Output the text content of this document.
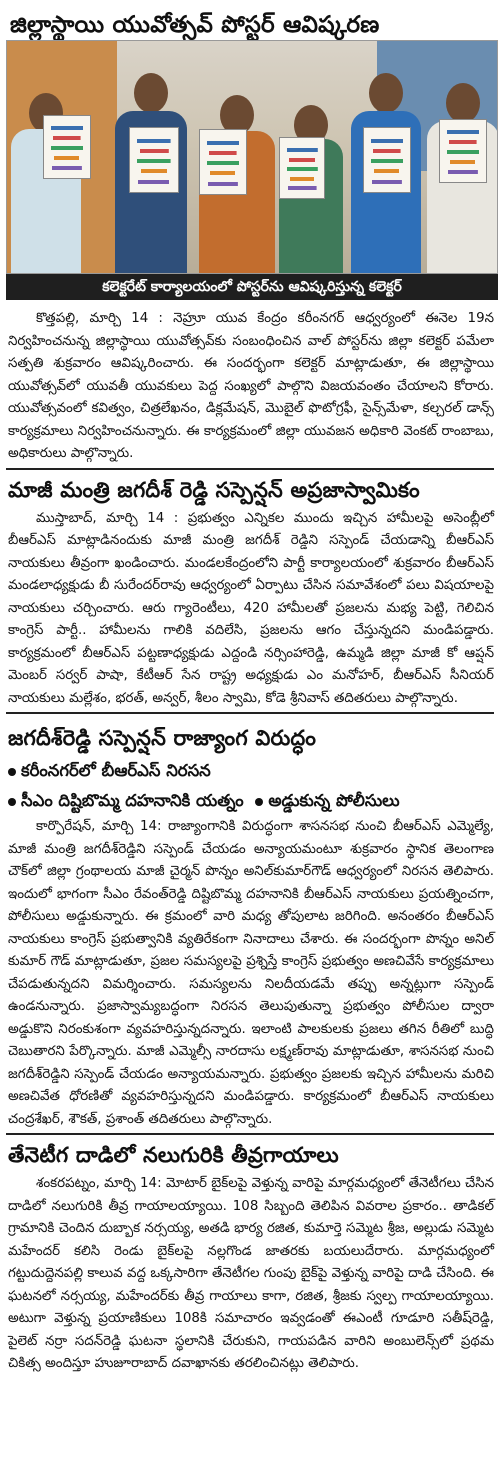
జిల్లాస్థాయి యువోత్సవ్ పోస్టర్ ఆవిష్కరణ
కలెక్టరేట్ కార్యాలయంలో పోస్టర్‌ను ఆవిష్కరిస్తున్న కలెక్టర్

కొత్తపల్లి, మార్చి 14 : నెహ్రూ యువ కేంద్రం కరీంనగర్ ఆధ్వర్యంలో ఈనెల 19న నిర్వహించనున్న జిల్లాస్థాయి యువోత్సవ్‌కు సంబంధించిన వాల్ పోస్టర్‌ను జిల్లా కలెక్టర్ పమేలా సత్పతి శుక్రవారం ఆవిష్కరించారు. ఈ సందర్భంగా కలెక్టర్ మాట్లాడుతూ, ఈ జిల్లాస్థాయి యువోత్సవ్‌లో యువతీ యువకులు పెద్ద సంఖ్యలో పాల్గొని విజయవంతం చేయాలని కోరారు. యువోత్సవంలో కవిత్వం, చిత్రలేఖనం, డిక్లమేషన్, మొబైల్ ఫొటోగ్రఫీ, సైన్స్‌మేళా, కల్చరల్ డాన్స్ కార్యక్రమాలు నిర్వహించనున్నారు. ఈ కార్యక్రమంలో జిల్లా యువజన అధికారి వెంకట్ రాంబాబు, అధికారులు పాల్గొన్నారు.

మాజీ మంత్రి జగదీశ్ రెడ్డి సస్పెన్షన్ అప్రజాస్వామికం

ముస్తాబాద్, మార్చి 14 : ప్రభుత్వం ఎన్నికల ముందు ఇచ్చిన హామీలపై అసెంబ్లీలో బీఆర్‌ఎస్ మాట్లాడినందుకు మాజీ మంత్రి జగదీశ్ రెడ్డిని సస్పెండ్ చేయడాన్ని బీఆర్‌ఎస్ నాయకులు తీవ్రంగా ఖండించారు. మండలకేంద్రంలోని పార్టీ కార్యాలయంలో శుక్రవారం బీఆర్‌ఎస్ మండలాధ్యక్షుడు బీ సురేందర్‌రావు ఆధ్వర్యంలో ఏర్పాటు చేసిన సమావేశంలో పలు విషయాలపై నాయకులు చర్చించారు. ఆరు గ్యారెంటీలు, 420 హామీలతో ప్రజలను మభ్య పెట్టి, గెలిచిన కాంగ్రెస్ పార్టీ.. హామీలను గాలికి వదిలేసి, ప్రజలను ఆగం చేస్తున్నదని మండిపడ్డారు. కార్యక్రమంలో బీఆర్‌ఎస్ పట్టణాధ్యక్షుడు ఎద్దండి నర్సింహారెడ్డి, ఉమ్మడి జిల్లా మాజీ కో ఆప్షన్ మెంబర్ సర్వర్ పాషా, కేటీఆర్ సేన రాష్ట్ర అధ్యక్షుడు ఎం మనోహర్, బీఆర్‌ఎస్ సీనియర్ నాయకులు మల్లేశం, భరత్, అన్వర్, శీలం స్వామి, కోడె శ్రీనివాస్ తదితరులు పాల్గొన్నారు.

జగదీశ్‌రెడ్డి సస్పెన్షన్ రాజ్యాంగ విరుద్ధం
కరీంనగర్‌లో బీఆర్‌ఎస్ నిరసన
సీఎం దిష్టిబొమ్మ దహనానికి యత్నం అడ్డుకున్న పోలీసులు

కార్పొరేషన్, మార్చి 14: రాజ్యాంగానికి విరుద్ధంగా శాసనసభ నుంచి బీఆర్‌ఎస్ ఎమ్మెల్యే, మాజీ మంత్రి జగదీశ్‌రెడ్డిని సస్పెండ్ చేయడం అన్యాయమంటూ శుక్రవారం స్థానిక తెలంగాణ చౌక్‌లో జిల్లా గ్రంథాలయ మాజీ చైర్మన్ పొన్నం అనిల్‌కుమార్‌గౌడ్ ఆధ్వర్యంలో నిరసన తెలిపారు. ఇందులో భాగంగా సీఎం రేవంత్‌రెడ్డి దిష్టిబొమ్మ దహనానికి బీఆర్‌ఎస్ నాయకులు ప్రయత్నించగా, పోలీసులు అడ్డుకున్నారు. ఈ క్రమంలో వారి మధ్య తోపులాట జరిగింది. అనంతరం బీఆర్‌ఎస్ నాయకులు కాంగ్రెస్ ప్రభుత్వానికి వ్యతిరేకంగా నినాదాలు చేశారు. ఈ సందర్భంగా పొన్నం అనిల్ కుమార్ గౌడ్ మాట్లాడుతూ, ప్రజల సమస్యలపై ప్రశ్నిస్తే కాంగ్రెస్ ప్రభుత్వం అణచివేసే కార్యక్రమాలు చేపడుతున్నదని విమర్శించారు. సమస్యలను నిలదీయడమే తప్పు అన్నట్లుగా సస్పెండ్ ఉండనున్నారు. ప్రజాస్వామ్యబద్ధంగా నిరసన తెలుపుతున్నా ప్రభుత్వం పోలీసుల ద్వారా అడ్డుకొని నిరంకుశంగా వ్యవహరిస్తున్నదన్నారు. ఇలాంటి పాలకులకు ప్రజలు తగిన రీతిలో బుద్ధి చెబుతారని పేర్కొన్నారు. మాజీ ఎమ్మెల్సీ నారదాసు లక్ష్మణ్‌రావు మాట్లాడుతూ, శాసనసభ నుంచి జగదీశ్‌రెడ్డిని సస్పెండ్ చేయడం అన్యాయమన్నారు. ప్రభుత్వం ప్రజలకు ఇచ్చిన హామీలను మరిచి అణచివేత ధోరణితో వ్యవహరిస్తున్నదని మండిపడ్డారు. కార్యక్రమంలో బీఆర్‌ఎస్ నాయకులు చంద్రశేఖర్, శౌకత్, ప్రశాంత్ తదితరులు పాల్గొన్నారు.

తేనెటీగ దాడిలో నలుగురికి తీవ్రగాయాలు

శంకరపట్నం, మార్చి 14: మోటార్ బైక్‌లపై వెళ్తున్న వారిపై మార్గమధ్యంలో తేనెటీగలు చేసిన దాడిలో నలుగురికి తీవ్ర గాయాలయ్యాయి. 108 సిబ్బంది తెలిపిన వివరాల ప్రకారం.. తాడికల్ గ్రామానికి చెందిన దుబ్బాక నర్సయ్య, అతడి భార్య రజిత, కుమార్తె సమ్మెట శ్రీజ, అల్లుడు సమ్మెట మహేందర్ కలిసి రెండు బైక్‌లపై నల్లగొండ జాతరకు బయలుదేరారు. మార్గమధ్యంలో గట్టుదుద్దెనపల్లి కాలువ వద్ద ఒక్కసారిగా తేనెటీగల గుంపు బైక్‌పై వెళ్తున్న వారిపై దాడి చేసింది. ఈ ఘటనలో నర్సయ్య, మహేందర్‌కు తీవ్ర గాయాలు కాగా, రజిత, శ్రీజకు స్వల్ప గాయాలయ్యాయి. అటుగా వెళ్తున్న ప్రయాణికులు 108కి సమాచారం ఇవ్వడంతో ఈఎంటీ గూడూరి సతీష్‌రెడ్డి, పైలెట్ నర్రా సదన్‌రెడ్డి ఘటనా స్థలానికి చేరుకుని, గాయపడిన వారిని అంబులెన్స్‌లో ప్రథమ చికిత్స అందిస్తూ హుజూరాబాద్ దవాఖానకు తరలించినట్లు తెలిపారు.
